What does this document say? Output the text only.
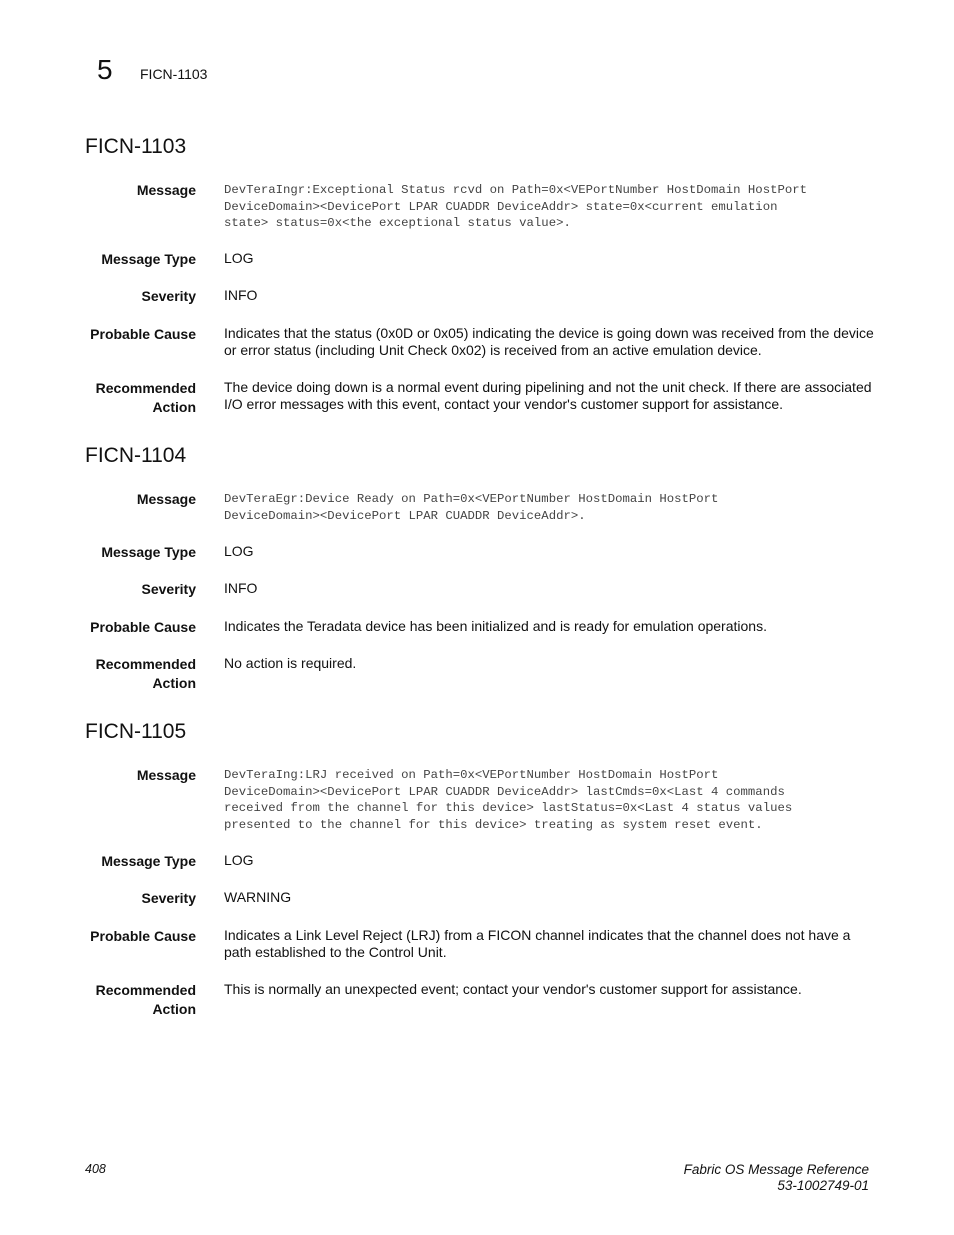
5 FICN-1103
FICN-1103
Message DevTeraIngr:Exceptional Status rcvd on Path=0x<VEPortNumber HostDomain HostPort
DeviceDomain><DevicePort LPAR CUADDR DeviceAddr> state=0x<current emulation
state> status=0x<the exceptional status value>.
Message Type LOG
Severity INFO
Probable Cause Indicates that the status (0x0D or 0x05) indicating the device is going down was received from the device or error status (including Unit Check 0x02) is received from an active emulation device.
Recommended
Action
The device doing down is a normal event during pipelining and not the unit check. If there are associated I/O error messages with this event, contact your vendor's customer support for assistance.
FICN-1104
Message DevTeraEgr:Device Ready on Path=0x<VEPortNumber HostDomain HostPort
DeviceDomain><DevicePort LPAR CUADDR DeviceAddr>.
Message Type LOG
Severity INFO
Probable Cause Indicates the Teradata device has been initialized and is ready for emulation operations.
Recommended
Action
No action is required.
FICN-1105
Message DevTeraIng:LRJ received on Path=0x<VEPortNumber HostDomain HostPort
DeviceDomain><DevicePort LPAR CUADDR DeviceAddr> lastCmds=0x<Last 4 commands
received from the channel for this device> lastStatus=0x<Last 4 status values
presented to the channel for this device> treating as system reset event.
Message Type LOG
Severity WARNING
Probable Cause Indicates a Link Level Reject (LRJ) from a FICON channel indicates that the channel does not have a path established to the Control Unit.
Recommended
Action
This is normally an unexpected event; contact your vendor's customer support for assistance.
408	Fabric OS Message Reference
53-1002749-01
